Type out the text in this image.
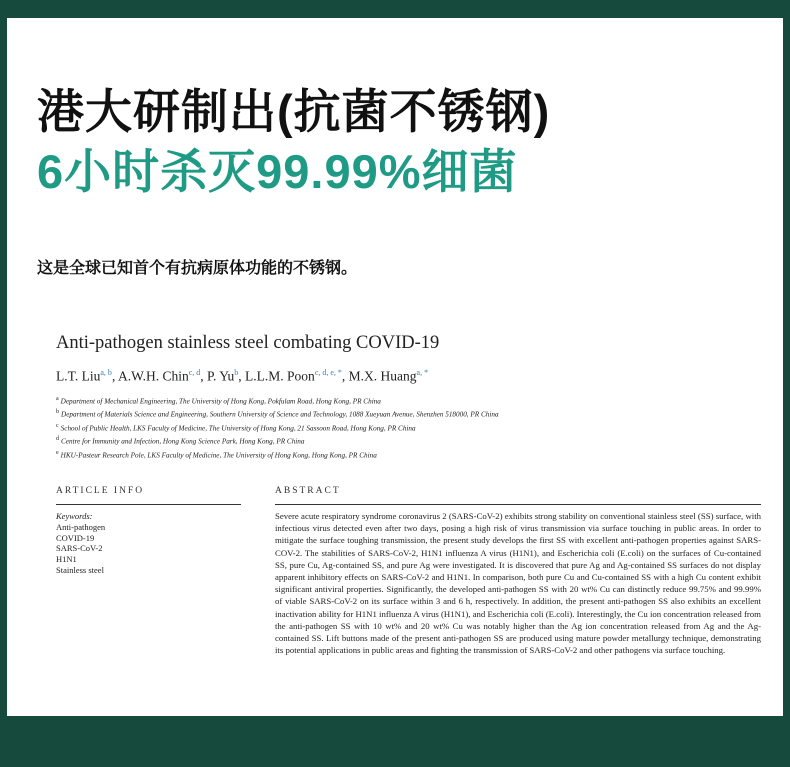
港大研制出(抗菌不锈钢)
6小时杀灭99.99%细菌
这是全球已知首个有抗病原体功能的不锈钢。
Anti-pathogen stainless steel combating COVID-19
L.T. Liu$^{a, b}$, A.W.H. Chin$^{c, d}$, P. Yu$^b$, L.L.M. Poon$^{c, d, e, *}$, M.X. Huang$^{a, *}$
$^a$ Department of Mechanical Engineering, The University of Hong Kong, Pokfulam Road, Hong Kong, PR China
$^b$ Department of Materials Science and Engineering, Southern University of Science and Technology, 1088 Xueyuan Avenue, Shenzhen 518000, PR China
$^c$ School of Public Health, LKS Faculty of Medicine, The University of Hong Kong, 21 Sassoon Road, Hong Kong, PR China
$^d$ Centre for Immunity and Infection, Hong Kong Science Park, Hong Kong, PR China
$^e$ HKU-Pasteur Research Pole, LKS Faculty of Medicine, The University of Hong Kong, Hong Kong, PR China
ARTICLE INFO	ABSTRACT
Keywords:
Anti-pathogen
COVID-19
SARS-CoV-2
H1N1
Stainless steel
Severe acute respiratory syndrome coronavirus 2 (SARS-CoV-2) exhibits strong stability on conventional stainless steel (SS) surface, with infectious virus detected even after two days, posing a high risk of virus transmission via surface touching in public areas. In order to mitigate the surface toughing transmission, the present study develops the first SS with excellent anti-pathogen properties against SARS-COV-2. The stabilities of SARS-CoV-2, H1N1 influenza A virus (H1N1), and Escherichia coli (E.coli) on the surfaces of Cu-contained SS, pure Cu, Ag-contained SS, and pure Ag were investigated. It is discovered that pure Ag and Ag-contained SS surfaces do not display apparent inhibitory effects on SARS-CoV-2 and H1N1. In comparison, both pure Cu and Cu-contained SS with a high Cu content exhibit significant antiviral properties. Significantly, the developed anti-pathogen SS with 20 wt% Cu can distinctly reduce 99.75% and 99.99% of viable SARS-CoV-2 on its surface within 3 and 6 h, respectively. In addition, the present anti-pathogen SS also exhibits an excellent inactivation ability for H1N1 influenza A virus (H1N1), and Escherichia coli (E.coli). Interestingly, the Cu ion concentration released from the anti-pathogen SS with 10 wt% and 20 wt% Cu was notably higher than the Ag ion concentration released from Ag and the Ag-contained SS. Lift buttons made of the present anti-pathogen SS are produced using mature powder metallurgy technique, demonstrating its potential applications in public areas and fighting the transmission of SARS-CoV-2 and other pathogens via surface touching.
